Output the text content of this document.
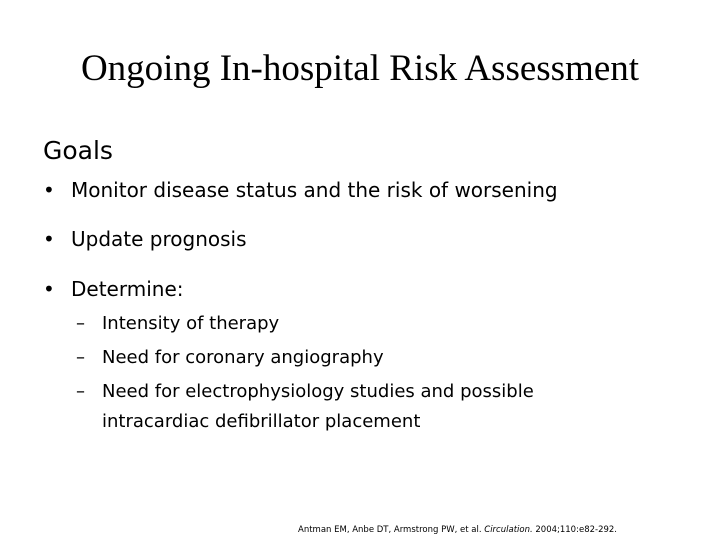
Ongoing In-hospital Risk Assessment
Goals
• Monitor disease status and the risk of worsening
• Update prognosis
• Determine:
– Intensity of therapy
– Need for coronary angiography
– Need for electrophysiology studies and possible
intracardiac defibrillator placement
Antman EM, Anbe DT, Armstrong PW, et al. Circulation. 2004;110:e82-292.
